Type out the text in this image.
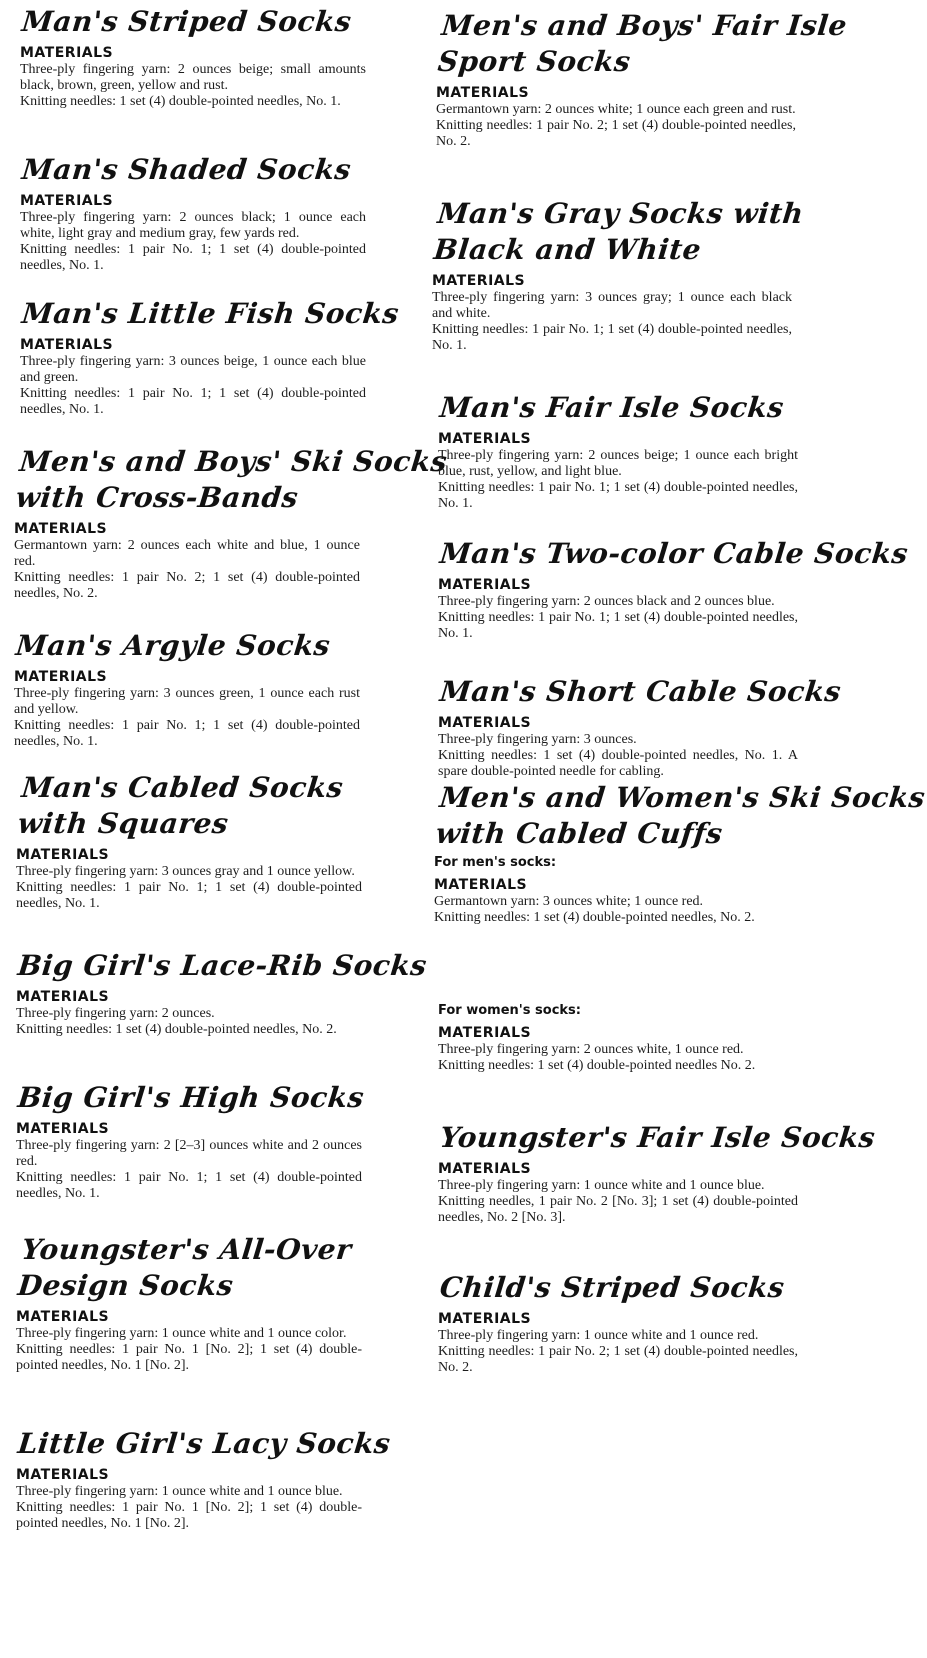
Man's Striped Socks
MATERIALS
Three-ply fingering yarn: 2 ounces beige; small amounts black, brown, green, yellow and rust.
Knitting needles: 1 set (4) double-pointed needles, No. 1.
Man's Shaded Socks
MATERIALS
Three-ply fingering yarn: 2 ounces black; 1 ounce each white, light gray and medium gray, few yards red.
Knitting needles: 1 pair No. 1; 1 set (4) double-pointed needles, No. 1.
Man's Little Fish Socks
MATERIALS
Three-ply fingering yarn: 3 ounces beige, 1 ounce each blue and green.
Knitting needles: 1 pair No. 1; 1 set (4) double-pointed needles, No. 1.
Men's and Boys' Ski Socks
with Cross-Bands
MATERIALS
Germantown yarn: 2 ounces each white and blue, 1 ounce red.
Knitting needles: 1 pair No. 2; 1 set (4) double-pointed needles, No. 2.
Man's Argyle Socks
MATERIALS
Three-ply fingering yarn: 3 ounces green, 1 ounce each rust and yellow.
Knitting needles: 1 pair No. 1; 1 set (4) double-pointed needles, No. 1.
Man's Cabled Socks
with Squares
MATERIALS
Three-ply fingering yarn: 3 ounces gray and 1 ounce yellow.
Knitting needles: 1 pair No. 1; 1 set (4) double-pointed needles, No. 1.
Big Girl's Lace-Rib Socks
MATERIALS
Three-ply fingering yarn: 2 ounces.
Knitting needles: 1 set (4) double-pointed needles, No. 2.
Big Girl's High Socks
MATERIALS
Three-ply fingering yarn: 2 [2–3] ounces white and 2 ounces red.
Knitting needles: 1 pair No. 1; 1 set (4) double-pointed needles, No. 1.
Youngster's All-Over
Design Socks
MATERIALS
Three-ply fingering yarn: 1 ounce white and 1 ounce color.
Knitting needles: 1 pair No. 1 [No. 2]; 1 set (4) double-pointed needles, No. 1 [No. 2].
Little Girl's Lacy Socks
MATERIALS
Three-ply fingering yarn: 1 ounce white and 1 ounce blue.
Knitting needles: 1 pair No. 1 [No. 2]; 1 set (4) double-pointed needles, No. 1 [No. 2].
Men's and Boys' Fair Isle
Sport Socks
MATERIALS
Germantown yarn: 2 ounces white; 1 ounce each green and rust.
Knitting needles: 1 pair No. 2; 1 set (4) double-pointed needles, No. 2.
Man's Gray Socks with
Black and White
MATERIALS
Three-ply fingering yarn: 3 ounces gray; 1 ounce each black and white.
Knitting needles: 1 pair No. 1; 1 set (4) double-pointed needles, No. 1.
Man's Fair Isle Socks
MATERIALS
Three-ply fingering yarn: 2 ounces beige; 1 ounce each bright blue, rust, yellow, and light blue.
Knitting needles: 1 pair No. 1; 1 set (4) double-pointed needles, No. 1.
Man's Two-color Cable Socks
MATERIALS
Three-ply fingering yarn: 2 ounces black and 2 ounces blue.
Knitting needles: 1 pair No. 1; 1 set (4) double-pointed needles, No. 1.
Man's Short Cable Socks
MATERIALS
Three-ply fingering yarn: 3 ounces.
Knitting needles: 1 set (4) double-pointed needles, No. 1. A spare double-pointed needle for cabling.
Men's and Women's Ski Socks
with Cabled Cuffs
For men's socks:
MATERIALS
Germantown yarn: 3 ounces white; 1 ounce red.
Knitting needles: 1 set (4) double-pointed needles, No. 2.
For women's socks:
MATERIALS
Three-ply fingering yarn: 2 ounces white, 1 ounce red.
Knitting needles: 1 set (4) double-pointed needles No. 2.
Youngster's Fair Isle Socks
MATERIALS
Three-ply fingering yarn: 1 ounce white and 1 ounce blue.
Knitting needles, 1 pair No. 2 [No. 3]; 1 set (4) double-pointed needles, No. 2 [No. 3].
Child's Striped Socks
MATERIALS
Three-ply fingering yarn: 1 ounce white and 1 ounce red.
Knitting needles: 1 pair No. 2; 1 set (4) double-pointed needles, No. 2.
